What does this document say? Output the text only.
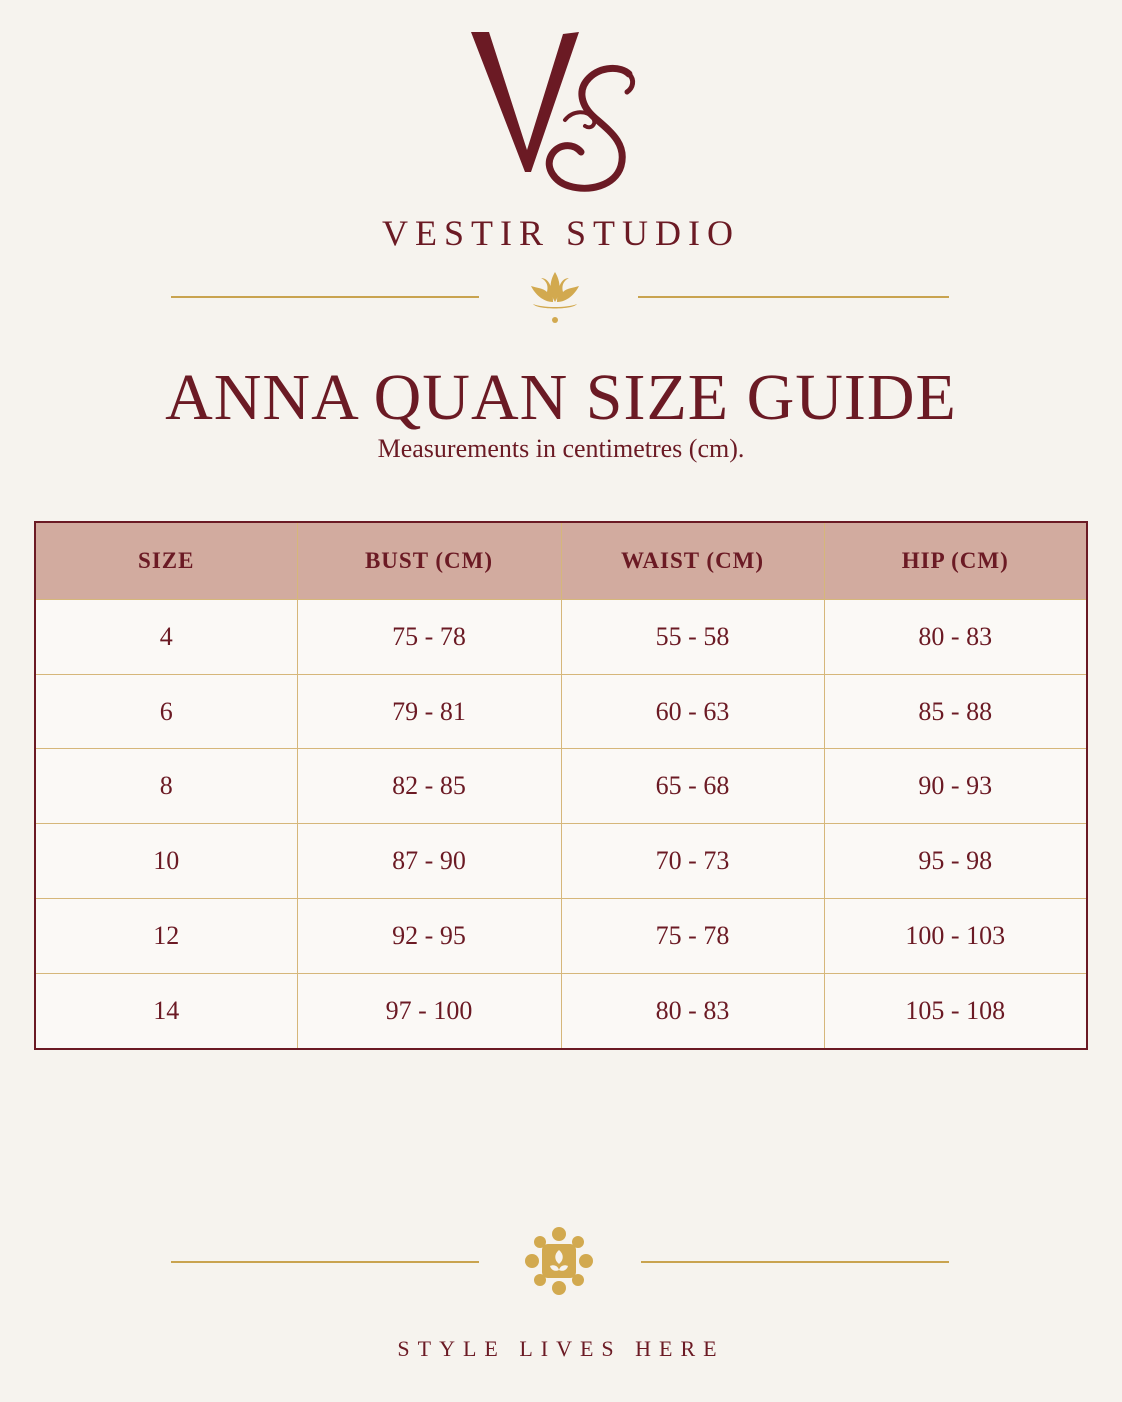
VESTIR STUDIO
ANNA QUAN SIZE GUIDE
Measurements in centimetres (cm).
SIZE	BUST (CM)	WAIST (CM)	HIP (CM)
4	75 - 78	55 - 58	80 - 83
6	79 - 81	60 - 63	85 - 88
8	82 - 85	65 - 68	90 - 93
10	87 - 90	70 - 73	95 - 98
12	92 - 95	75 - 78	100 - 103
14	97 - 100	80 - 83	105 - 108
STYLE LIVES HERE
